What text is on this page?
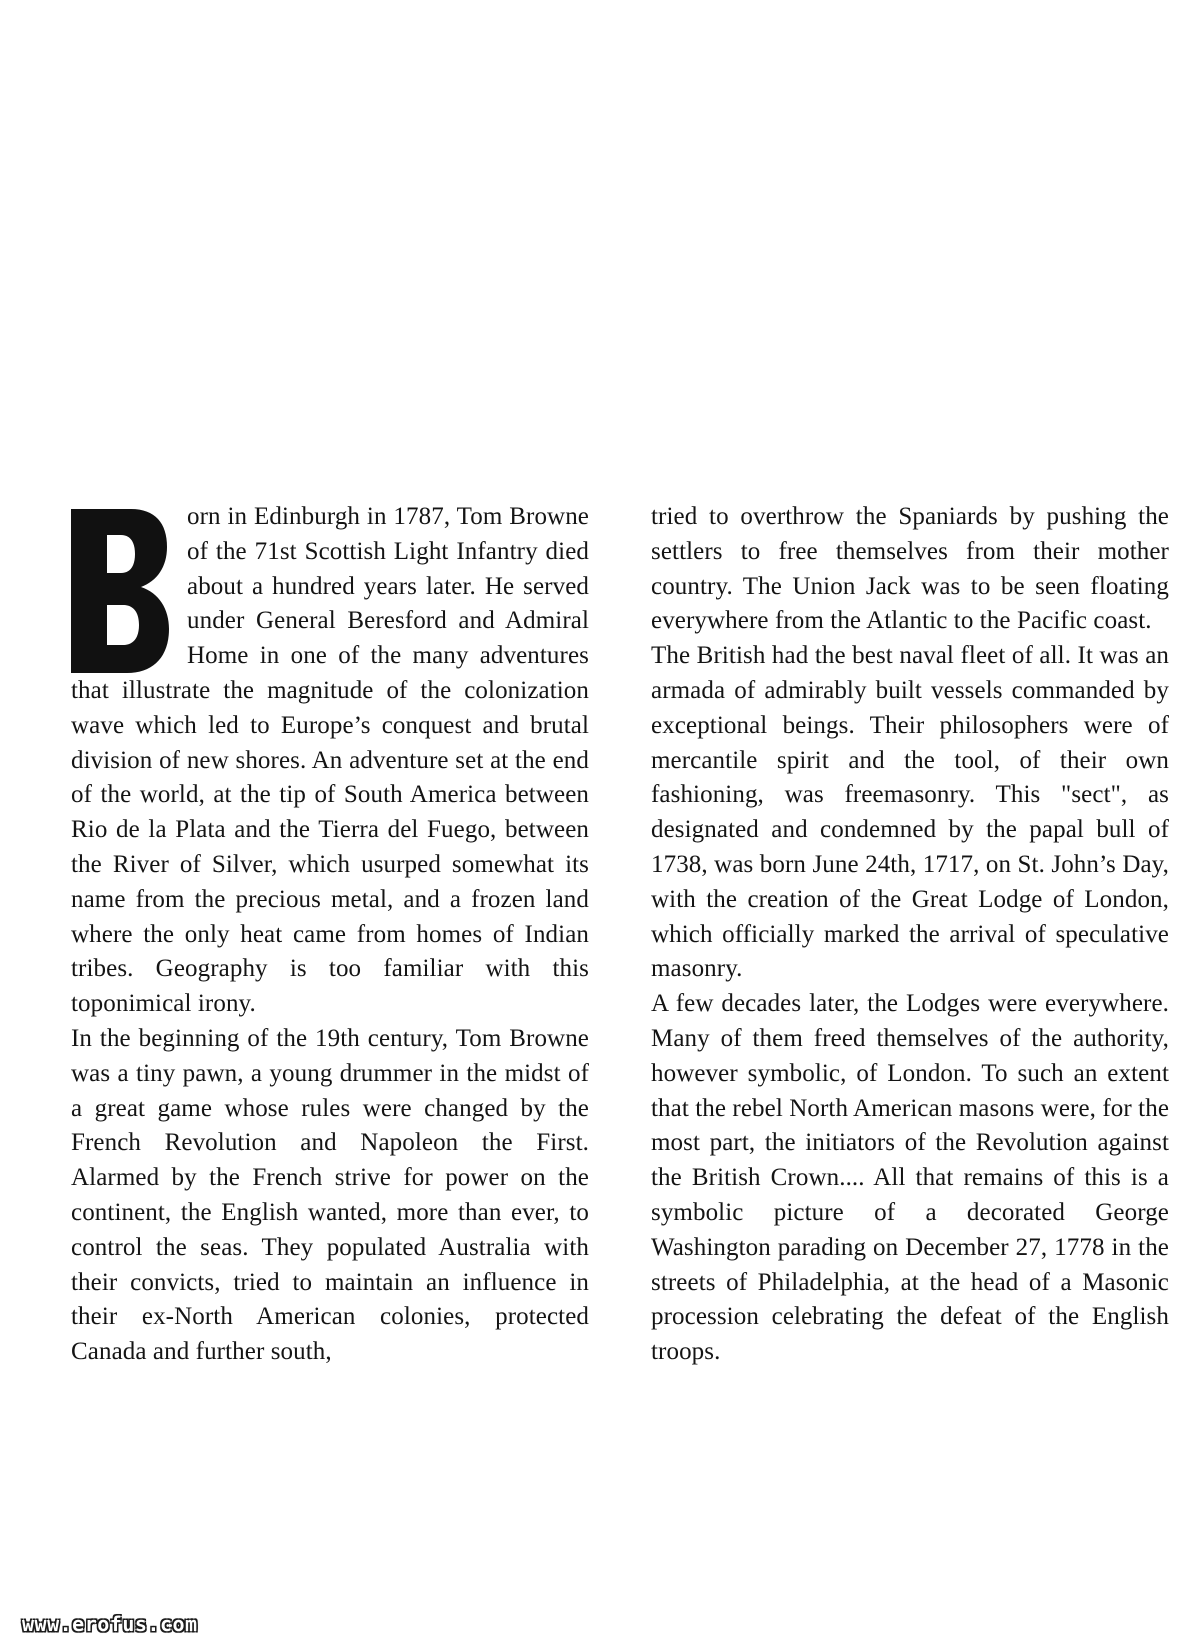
orn in Edinburgh in 1787, Tom Browne of the 71st Scottish Light Infantry died about a hundred years later. He served under General Beresford and Admiral Home in one of the many adventures that illustrate the magnitude of the colonization wave which led to Europe’s conquest and brutal division of new shores. An adventure set at the end of the world, at the tip of South America between Rio de la Plata and the Tierra del Fuego, between the River of Silver, which usurped somewhat its name from the precious metal, and a frozen land where the only heat came from homes of Indian tribes. Geography is too familiar with this toponimical irony.

In the beginning of the 19th century, Tom Browne was a tiny pawn, a young drummer in the midst of a great game whose rules were changed by the French Revolution and Napoleon the First. Alarmed by the French strive for power on the continent, the English wanted, more than ever, to control the seas. They populated Australia with their convicts, tried to maintain an influence in their ex-North American colonies, protected Canada and further south,

tried to overthrow the Spaniards by pushing the settlers to free themselves from their mother country. The Union Jack was to be seen floating everywhere from the Atlantic to the Pacific coast.

The British had the best naval fleet of all. It was an armada of admirably built vessels commanded by exceptional beings. Their philosophers were of mercantile spirit and the tool, of their own fashioning, was freemasonry. This "sect", as designated and condemned by the papal bull of 1738, was born June 24th, 1717, on St. John’s Day, with the creation of the Great Lodge of London, which officially marked the arrival of speculative masonry.

A few decades later, the Lodges were everywhere. Many of them freed themselves of the authority, however symbolic, of London. To such an extent that the rebel North American masons were, for the most part, the initiators of the Revolution against the British Crown.... All that remains of this is a symbolic picture of a decorated George Washington parading on December 27, 1778 in the streets of Philadelphia, at the head of a Masonic procession celebrating the defeat of the English troops.

www.erofus.com
